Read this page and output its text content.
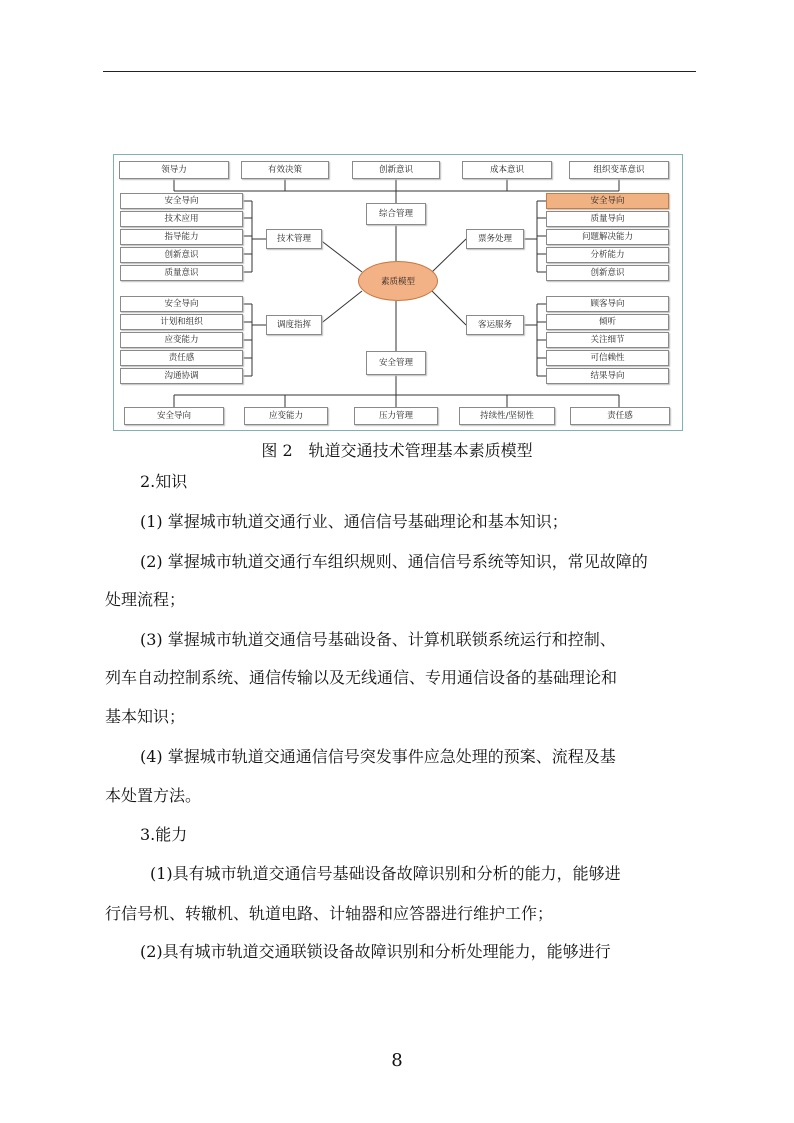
领导力	有效决策	创新意识	成本意识	组织变革意识
综合管理
技术管理	票务处理
素质模型
调度指挥	客运服务
安全管理
安全导向
技术应用
指导能力
创新意识
质量意识
安全导向
计划和组织
应变能力
责任感
沟通协调
安全导向
质量导向
问题解决能力
分析能力
创新意识
顾客导向
倾听
关注细节
可信赖性
结果导向
安全导向	应变能力	压力管理	持续性/坚韧性	责任感
图 2　轨道交通技术管理基本素质模型
2.知识
(1) 掌握城市轨道交通行业、通信信号基础理论和基本知识；
(2) 掌握城市轨道交通行车组织规则、通信信号系统等知识，常见故障的
处理流程；
(3) 掌握城市轨道交通信号基础设备、计算机联锁系统运行和控制、
列车自动控制系统、通信传输以及无线通信、专用通信设备的基础理论和
基本知识；
(4) 掌握城市轨道交通通信信号突发事件应急处理的预案、流程及基
本处置方法。
3.能力
(1)具有城市轨道交通信号基础设备故障识别和分析的能力，能够进
行信号机、转辙机、轨道电路、计轴器和应答器进行维护工作；
(2)具有城市轨道交通联锁设备故障识别和分析处理能力，能够进行
8
